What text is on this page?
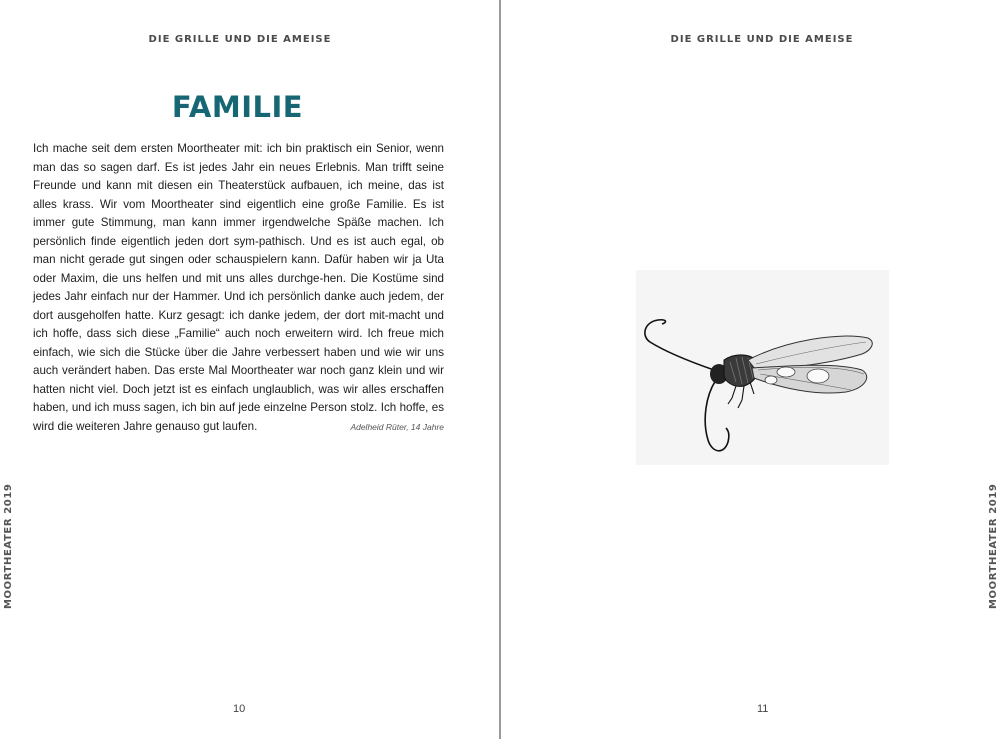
DIE GRILLE UND DIE AMEISE
FAMILIE

Ich mache seit dem ersten Moortheater mit: ich bin praktisch ein Senior, wenn man das so sagen darf. Es ist jedes Jahr ein neues Erlebnis. Man trifft seine Freunde und kann mit diesen ein Theaterstück aufbauen, ich meine, das ist alles krass. Wir vom Moortheater sind eigentlich eine große Familie. Es ist immer gute Stimmung, man kann immer irgendwelche Späße machen. Ich persönlich finde eigentlich jeden dort sym-pathisch. Und es ist auch egal, ob man nicht gerade gut singen oder schauspielern kann. Dafür haben wir ja Uta oder Maxim, die uns helfen und mit uns alles durchge-hen. Die Kostüme sind jedes Jahr einfach nur der Hammer. Und ich persönlich danke auch jedem, der dort ausgeholfen hatte. Kurz gesagt: ich danke jedem, der dort mit-macht und ich hoffe, dass sich diese „Familie“ auch noch erweitern wird. Ich freue mich einfach, wie sich die Stücke über die Jahre verbessert haben und wie wir uns auch verändert haben. Das erste Mal Moortheater war noch ganz klein und wir hatten nicht viel. Doch jetzt ist es einfach unglaublich, was wir alles erschaffen haben, und ich muss sagen, ich bin auf jede einzelne Person stolz. Ich hoffe, es wird die weiteren Jahre genauso gut laufen.	Adelheid Rüter, 14 Jahre

MOORTHEATER 2019
10
DIE GRILLE UND DIE AMEISE
MOORTHEATER 2019
11
